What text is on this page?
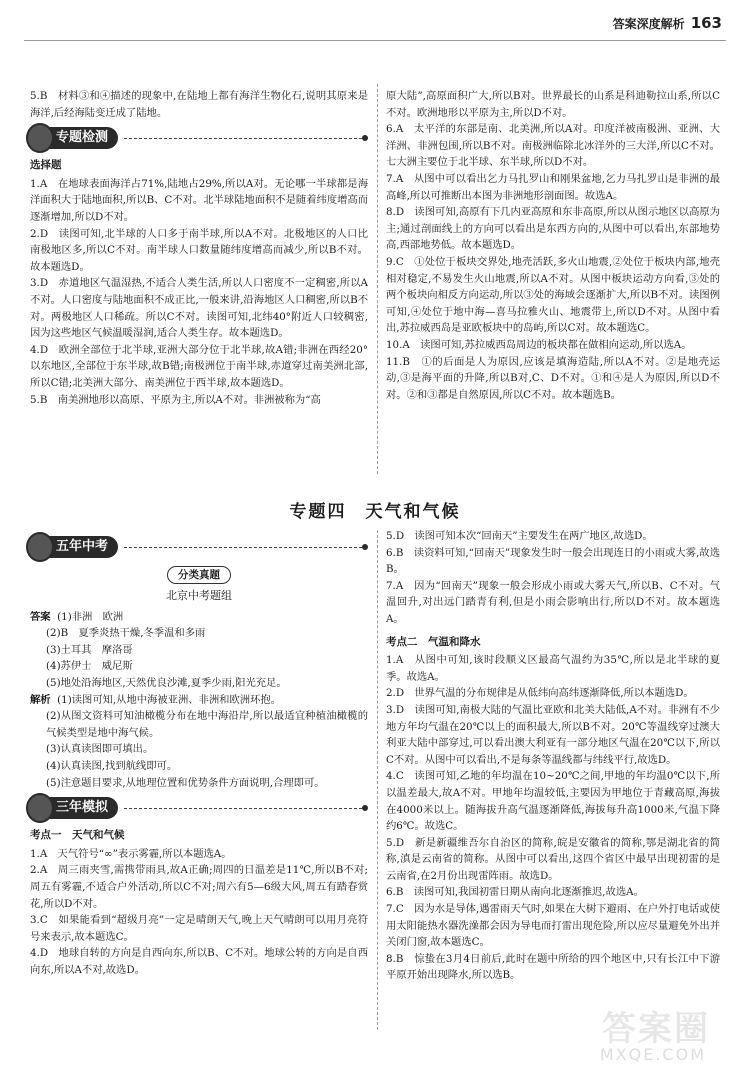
答案深度解析 163

5.B　材料③和④描述的现象中,在陆地上都有海洋生物化石,说明其原来是海洋,后经海陆变迁成了陆地。

专题检测
选择题

1.A　在地球表面海洋占71%,陆地占29%,所以A对。无论哪一半球都是海洋面积大于陆地面积,所以B、C不对。北半球陆地面积不是随着纬度增高而逐渐增加,所以D不对。

2.D　读图可知,北半球的人口多于南半球,所以A不对。北极地区的人口比南极地区多,所以C不对。南半球人口数量随纬度增高而减少,所以B不对。故本题选D。

3.D　赤道地区气温湿热,不适合人类生活,所以人口密度不一定稠密,所以A不对。人口密度与陆地面积不成正比,一般来讲,沿海地区人口稠密,所以B不对。两极地区人口稀疏。所以C不对。读图可知,北纬40°附近人口较稠密,因为这些地区气候温暖湿润,适合人类生存。故本题选D。

4.D　欧洲全部位于北半球,亚洲大部分位于北半球,故A错;非洲在西经20°以东地区,全部位于东半球,故B错;南极洲位于南半球,赤道穿过南美洲北部,所以C错;北美洲大部分、南美洲位于西半球,故本题选D。

5.B　南美洲地形以高原、平原为主,所以A不对。非洲被称为“高

原大陆”,高原面积广大,所以B对。世界最长的山系是科迪勒拉山系,所以C不对。欧洲地形以平原为主,所以D不对。

6.A　太平洋的东部是南、北美洲,所以A对。印度洋被南极洲、亚洲、大洋洲、非洲包围,所以B不对。南极洲临除北冰洋外的三大洋,所以C不对。七大洲主要位于北半球、东半球,所以D不对。

7.A　从图中可以看出乞力马扎罗山和刚果盆地,乞力马扎罗山是非洲的最高峰,所以可推断出本图为非洲地形剖面图。故选A。

8.D　读图可知,高原有下几内亚高原和东非高原,所以从图示地区以高原为主;通过剖面线上的方向可以看出是东西方向的,从图中可以看出,东部地势高,西部地势低。故本题选D。

9.C　①处位于板块交界处,地壳活跃,多火山地震,②处位于板块内部,地壳相对稳定,不易发生火山地震,所以A不对。从图中板块运动方向看,③处的两个板块向相反方向运动,所以③处的海域会逐渐扩大,所以B不对。读图例可知,④处位于地中海—喜马拉雅火山、地震带上,所以D不对。从图中看出,苏拉威西岛是亚欧板块中的岛屿,所以C对。故本题选C。

10.A　读图可知,苏拉威西岛周边的板块都在做相向运动,所以选A。

11.B　①的后面是人为原因,应该是填海造陆,所以A不对。②是地壳运动,③是海平面的升降,所以B对,C、D不对。①和④是人为原因,所以D不对。②和③都是自然原因,所以C不对。故本题选B。

专题四　天气和气候
五年中考
分类真题
北京中考题组

答案 (1)非洲　欧洲

(2)B　夏季炎热干燥,冬季温和多雨

(3)土耳其　摩洛哥

(4)苏伊士　威尼斯

(5)地处沿海地区,天然优良沙滩,夏季少雨,阳光充足。

解析 (1)读图可知,从地中海被亚洲、非洲和欧洲环抱。

(2)从图文资料可知油橄榄分布在地中海沿岸,所以最适宜种植油橄榄的气候类型是地中海气候。

(3)认真读图即可填出。

(4)认真读图,找到航线即可。

(5)注意题目要求,从地理位置和优势条件方面说明,合理即可。

三年模拟
考点一　天气和气候

1.A　天气符号“∞”表示雾霾,所以本题选A。

2.A　周三雨夹雪,需携带雨具,故A正确;周四的日温差是11℃,所以B不对;周五有雾霾,不适合户外活动,所以C不对;周六有5—6级大风,周五有踏春赏花,所以D不对。

3.C　如果能看到“超级月亮”一定是晴朗天气,晚上天气晴朗可以用月亮符号来表示,故本题选C。

4.D　地球自转的方向是自西向东,所以B、C不对。地球公转的方向是自西向东,所以A不对,故选D。

5.D　读图可知本次“回南天”主要发生在两广地区,故选D。

6.B　读资料可知,“回南天”现象发生时一般会出现连日的小雨或大雾,故选B。

7.A　因为“回南天”现象一般会形成小雨或大雾天气,所以B、C不对。气温回升,对出远门踏青有利,但是小雨会影响出行,所以D不对。故本题选A。

考点二　气温和降水

1.A　从图中可知,该时段顺义区最高气温约为35℃,所以是北半球的夏季。故选A。

2.D　世界气温的分布规律是从低纬向高纬逐渐降低,所以本题选D。

3.D　读图可知,南极大陆的气温比亚欧和北美大陆低,A不对。非洲有不少地方年均气温在20℃以上的面积最大,所以B不对。20℃等温线穿过澳大利亚大陆中部穿过,可以看出澳大利亚有一部分地区气温在20℃以下,所以C不对。从图中可以看出,不是每条等温线都与纬线平行,故选D。

4.C　读图可知,乙地的年均温在10~20℃之间,甲地的年均温0℃以下,所以温差最大,故A不对。甲地年均温较低,主要因为甲地位于青藏高原,海拔在4000米以上。随海拔升高气温逐渐降低,海拔每升高1000米,气温下降约6℃。故选C。

5.D　新是新疆维吾尔自治区的简称,皖是安徽省的简称,鄂是湖北省的简称,滇是云南省的简称。从图中可以看出,这四个省区中最早出现初雷的是云南省,在2月份出现雷阵雨。故选D。

6.B　读图可知,我国初雷日期从南向北逐渐推迟,故选A。

7.C　因为水是导体,遇雷雨天气时,如果在大树下避雨、在户外打电话或使用太阳能热水器洗澡都会因为导电而打雷出现危险,所以应尽量避免外出并关闭门窗,故本题选C。

8.B　惊蛰在3月4日前后,此时在题中所给的四个地区中,只有长江中下游平原开始出现降水,所以选B。

答案圈
MXQE.COM
